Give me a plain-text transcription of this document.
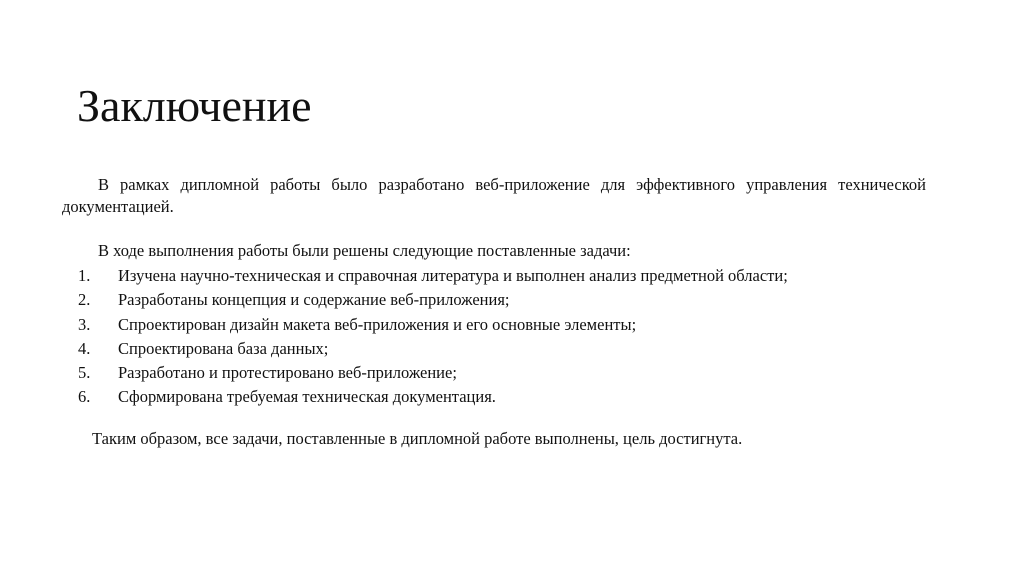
Заключение

В рамках дипломной работы было разработано веб-приложение для эффективного управления технической документацией.

В ходе выполнения работы были решены следующие поставленные задачи:

1. Изучена научно-техническая и справочная литература и выполнен анализ предметной области;
2. Разработаны концепция и содержание веб-приложения;
3. Спроектирован дизайн макета веб-приложения и его основные элементы;
4. Спроектирована база данных;
5. Разработано и протестировано веб-приложение;
6. Сформирована требуемая техническая документация.

Таким образом, все задачи, поставленные в дипломной работе выполнены, цель достигнута.
